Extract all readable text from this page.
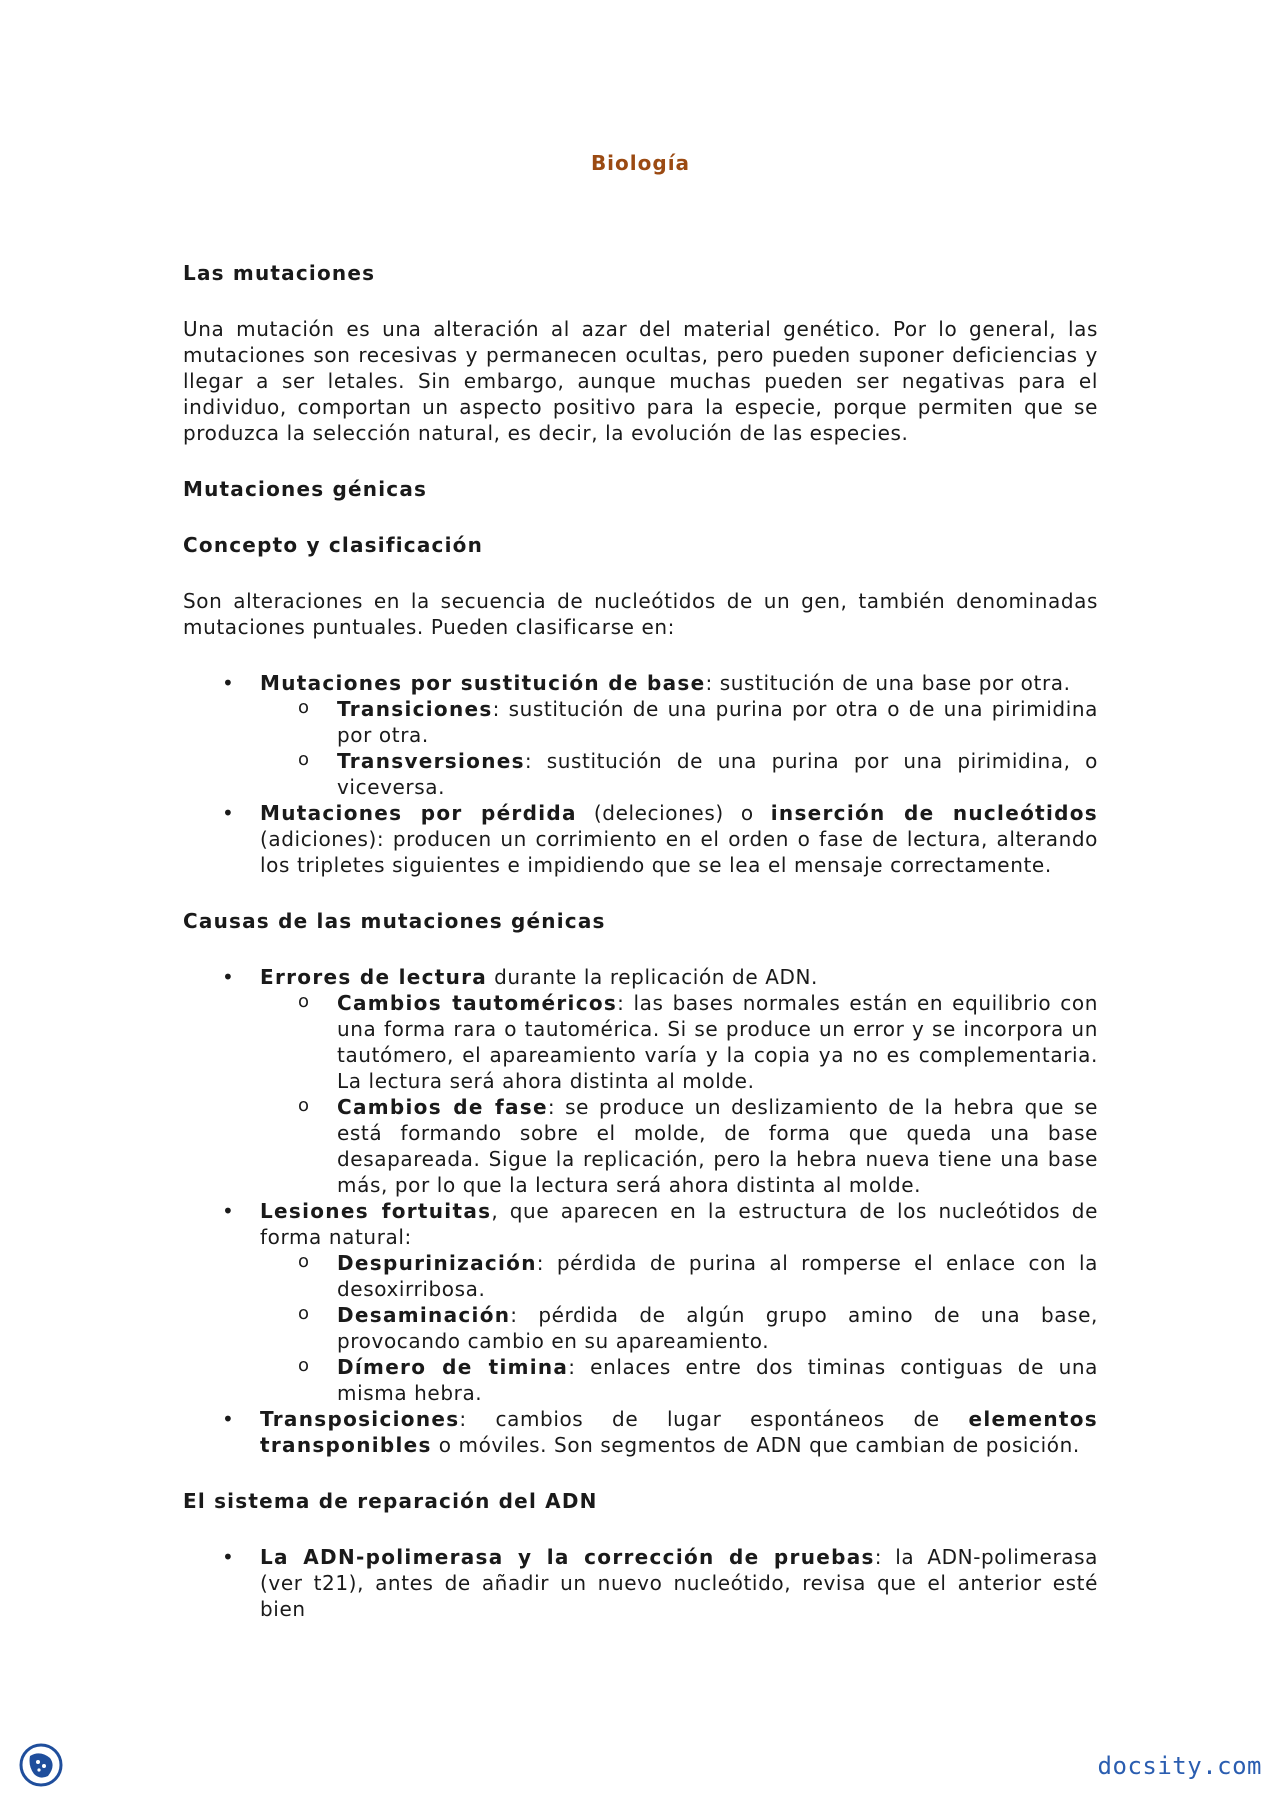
Biología
Las mutaciones

Una mutación es una alteración al azar del material genético. Por lo general, las mutaciones son recesivas y permanecen ocultas, pero pueden suponer deficiencias y llegar a ser letales. Sin embargo, aunque muchas pueden ser negativas para el individuo, comportan un aspecto positivo para la especie, porque permiten que se produzca la selección natural, es decir, la evolución de las especies.

Mutaciones génicas
Concepto y clasificación

Son alteraciones en la secuencia de nucleótidos de un gen, también denominadas mutaciones puntuales. Pueden clasificarse en:

• Mutaciones por sustitución de base: sustitución de una base por otra.
o Transiciones: sustitución de una purina por otra o de una pirimidina por otra.
o Transversiones: sustitución de una purina por una pirimidina, o viceversa.
• Mutaciones por pérdida (deleciones) o inserción de nucleótidos (adiciones): producen un corrimiento en el orden o fase de lectura, alterando los tripletes siguientes e impidiendo que se lea el mensaje correctamente.
Causas de las mutaciones génicas
• Errores de lectura durante la replicación de ADN.
o Cambios tautoméricos: las bases normales están en equilibrio con una forma rara o tautomérica. Si se produce un error y se incorpora un tautómero, el apareamiento varía y la copia ya no es complementaria. La lectura será ahora distinta al molde.
o Cambios de fase: se produce un deslizamiento de la hebra que se está formando sobre el molde, de forma que queda una base desapareada. Sigue la replicación, pero la hebra nueva tiene una base más, por lo que la lectura será ahora distinta al molde.
• Lesiones fortuitas, que aparecen en la estructura de los nucleótidos de forma natural:
o Despurinización: pérdida de purina al romperse el enlace con la desoxirribosa.
o Desaminación: pérdida de algún grupo amino de una base, provocando cambio en su apareamiento.
o Dímero de timina: enlaces entre dos timinas contiguas de una misma hebra.
• Transposiciones: cambios de lugar espontáneos de elementos transponibles o móviles. Son segmentos de ADN que cambian de posición.
El sistema de reparación del ADN
• La ADN-polimerasa y la corrección de pruebas: la ADN-polimerasa (ver t21), antes de añadir un nuevo nucleótido, revisa que el anterior esté bien
docsity.com
